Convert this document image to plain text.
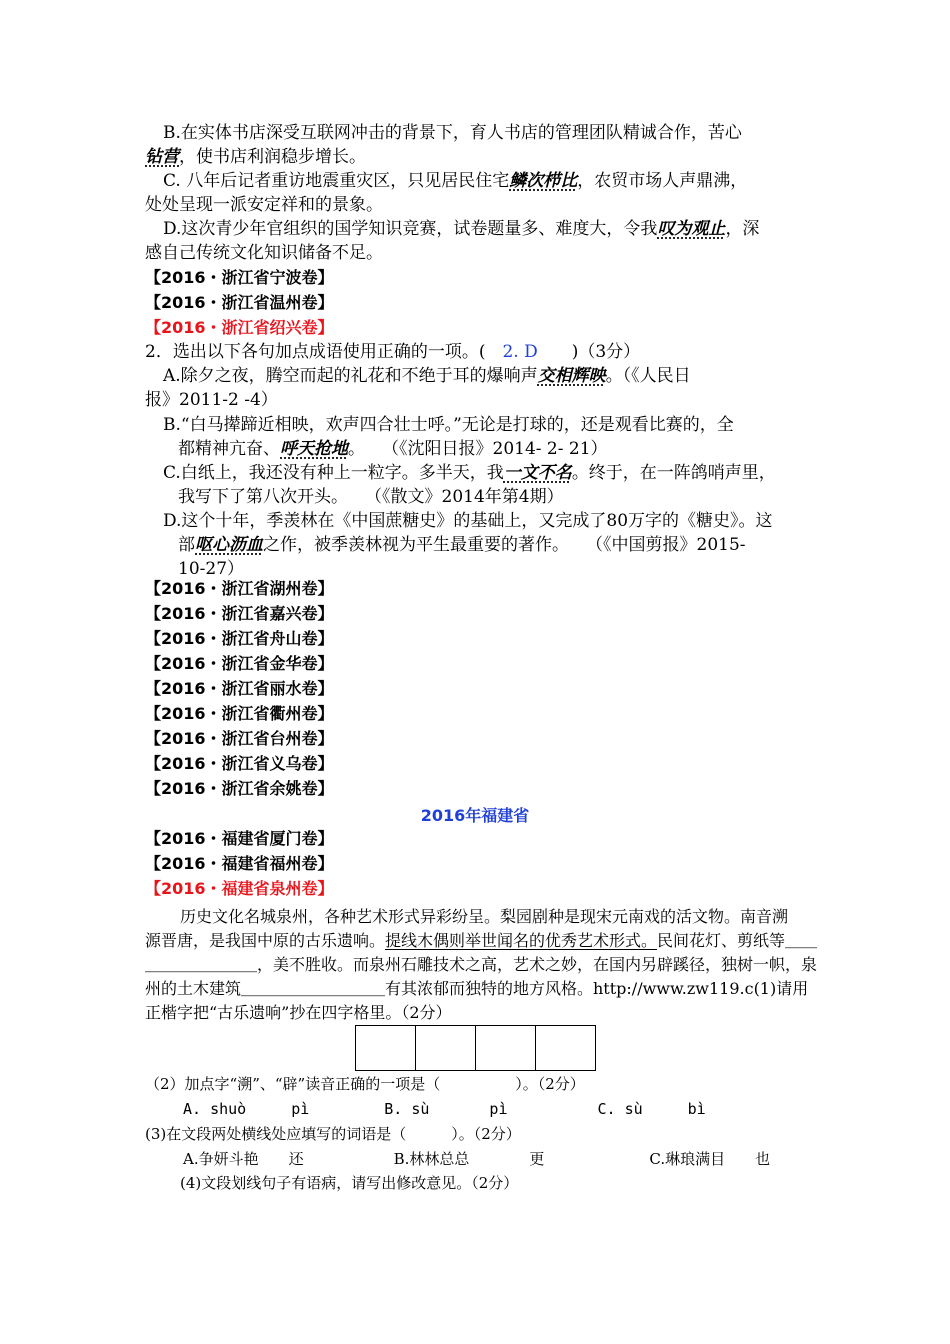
B.在实体书店深受互联网冲击的背景下，育人书店的管理团队精诚合作，苦心
钻营，使书店利润稳步增长。
C. 八年后记者重访地震重灾区，只见居民住宅鳞次栉比，农贸市场人声鼎沸，
处处呈现一派安定祥和的景象。
D.这次青少年官组织的国学知识竞赛，试卷题量多、难度大，令我叹为观止，深
感自己传统文化知识储备不足。
【2016・浙江省宁波卷】
【2016・浙江省温州卷】
【2016・浙江省绍兴卷】
2．选出以下各句加点成语使用正确的一项。(　 2. D　　 )（3分）
A.除夕之夜，腾空而起的礼花和不绝于耳的爆响声交相辉映。（《人民日
报》2011-2 -4）
B.“白马撵蹄近相映，欢声四合壮士呼。”无论是打球的，还是观看比赛的，全
都精神亢奋、呼天抢地。　　（《沈阳日报》2014- 2- 21）
C.白纸上，我还没有种上一粒字。多半天，我一文不名。终于，在一阵鸽哨声里，
我写下了第八次开头。　　（《散文》2014年第4期）
D.这个十年，季羡林在《中国蔗糖史》的基础上，又完成了80万字的《糖史》。这
部呕心沥血之作，被季羡林视为平生最重要的著作。　　（《中国剪报》2015-
10-27）
【2016・浙江省湖州卷】
【2016・浙江省嘉兴卷】
【2016・浙江省舟山卷】
【2016・浙江省金华卷】
【2016・浙江省丽水卷】
【2016・浙江省衢州卷】
【2016・浙江省台州卷】
【2016・浙江省义乌卷】
【2016・浙江省余姚卷】
2016年福建省
【2016・福建省厦门卷】
【2016・福建省福州卷】
【2016・福建省泉州卷】
历史文化名城泉州，各种艺术形式异彩纷呈。梨园剧种是现宋元南戏的活文物。南音溯
源晋唐，是我国中原的古乐遗响。提线木偶则举世闻名的优秀艺术形式。民间花灯、剪纸等＿＿
＿＿＿＿＿＿＿，美不胜收。而泉州石雕技术之高，艺术之妙，在国内另辟蹊径，独树一帜，泉
州的土木建筑＿＿＿＿＿＿＿＿＿有其浓郁而独特的地方风格。http://www.zw119.c(1)请用
正楷字把“古乐遗响”抄在四字格里。（2分）
（2）加点字“溯”、“辟”读音正确的一项是（　　　　　）。（2分）
A. shuò　　　pì　　　　　B. sù　　　　pì　　　　　　C. sù　　　bì
(3)在文段两处横线处应填写的词语是（　　　）。（2分）
A.争妍斗艳　　还　　　　　　B.林林总总　　　　更　　　　　　　C.琳琅满目　　也
(4)文段划线句子有语病，请写出修改意见。（2分）
